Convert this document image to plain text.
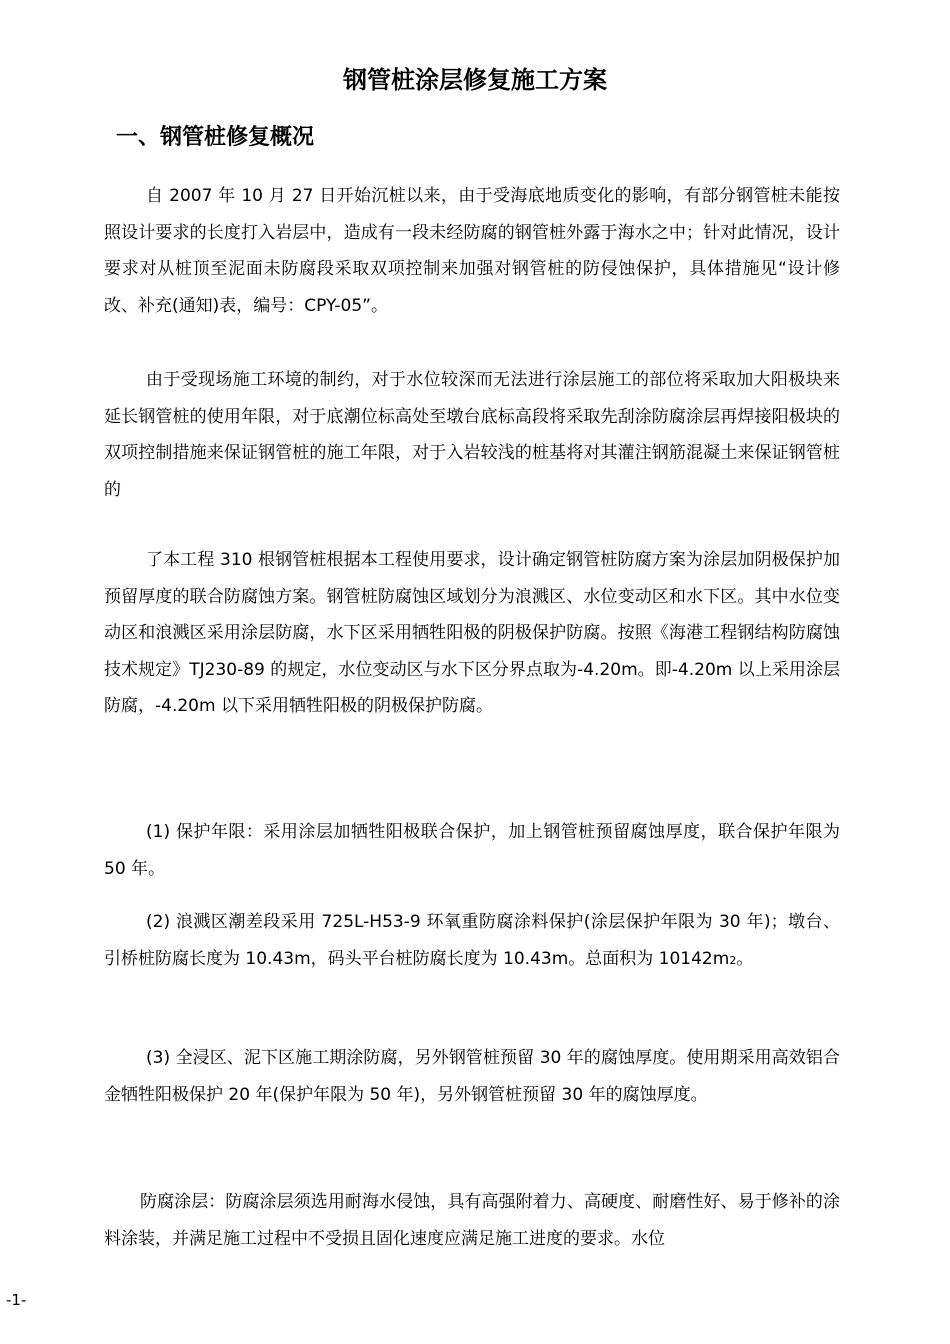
钢管桩涂层修复施工方案
一、钢管桩修复概况

自 2007 年 10 月 27 日开始沉桩以来，由于受海底地质变化的影响，有部分钢管桩未能按照设计要求的长度打入岩层中，造成有一段未经防腐的钢管桩外露于海水之中；针对此情况，设计要求对从桩顶至泥面未防腐段采取双项控制来加强对钢管桩的防侵蚀保护，具体措施见“设计修改、补充(通知)表，编号：CPY-05”。

由于受现场施工环境的制约，对于水位较深而无法进行涂层施工的部位将采取加大阳极块来延长钢管桩的使用年限，对于底潮位标高处至墩台底标高段将采取先刮涂防腐涂层再焊接阳极块的双项控制措施来保证钢管桩的施工年限，对于入岩较浅的桩基将对其灌注钢筋混凝土来保证钢管桩的

了本工程 310 根钢管桩根据本工程使用要求，设计确定钢管桩防腐方案为涂层加阴极保护加预留厚度的联合防腐蚀方案。钢管桩防腐蚀区域划分为浪溅区、水位变动区和水下区。其中水位变动区和浪溅区采用涂层防腐，水下区采用牺牲阳极的阴极保护防腐。按照《海港工程钢结构防腐蚀技术规定》TJ230-89 的规定，水位变动区与水下区分界点取为-4.20m。即-4.20m 以上采用涂层防腐，-4.20m 以下采用牺牲阳极的阴极保护防腐。

(1) 保护年限：采用涂层加牺牲阳极联合保护，加上钢管桩预留腐蚀厚度，联合保护年限为 50 年。

(2) 浪溅区潮差段采用 725L-H53-9 环氧重防腐涂料保护(涂层保护年限为 30 年)；墩台、引桥桩防腐长度为 10.43m，码头平台桩防腐长度为 10.43m。总面积为 10142m2。

(3) 全浸区、泥下区施工期涂防腐，另外钢管桩预留 30 年的腐蚀厚度。使用期采用高效铝合金牺牲阳极保护 20 年(保护年限为 50 年)，另外钢管桩预留 30 年的腐蚀厚度。

防腐涂层：防腐涂层须选用耐海水侵蚀，具有高强附着力、高硬度、耐磨性好、易于修补的涂料涂装，并满足施工过程中不受损且固化速度应满足施工进度的要求。水位

-1-
